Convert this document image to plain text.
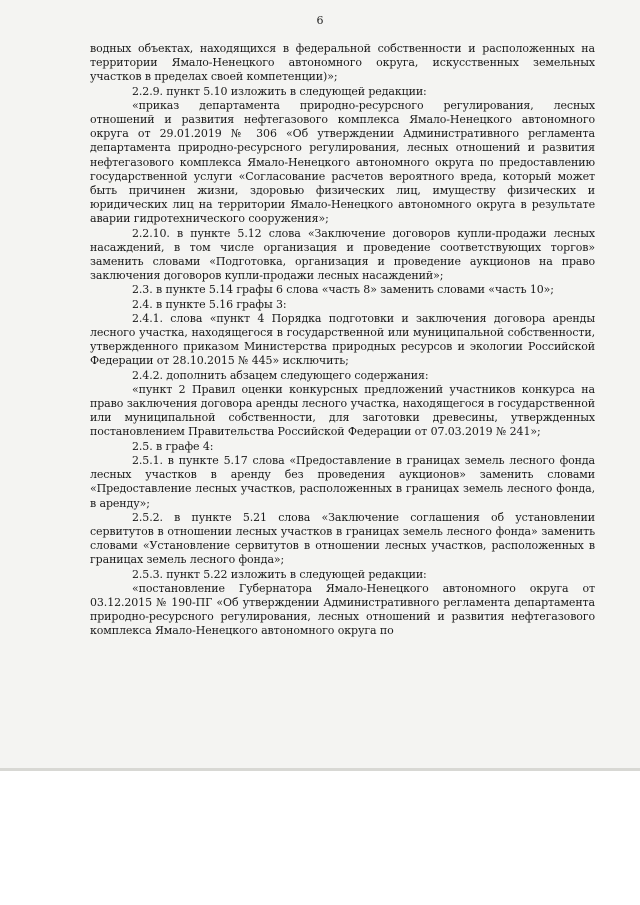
6

водных объектах, находящихся в федеральной собственности и расположенных на территории Ямало-Ненецкого автономного округа, искусственных земельных участков в пределах своей компетенции)»;

2.2.9. пункт 5.10 изложить в следующей редакции:

«приказ департамента природно-ресурсного регулирования, лесных отношений и развития нефтегазового комплекса Ямало-Ненецкого автономного округа от 29.01.2019 № 306 «Об утверждении Административного регламента департамента природно-ресурсного регулирования, лесных отношений и развития нефтегазового комплекса Ямало-Ненецкого автономного округа по предоставлению государственной услуги «Согласование расчетов вероятного вреда, который может быть причинен жизни, здоровью физических лиц, имуществу физических и юридических лиц на территории Ямало-Ненецкого автономного округа в результате аварии гидротехнического сооружения»;

2.2.10. в пункте 5.12 слова «Заключение договоров купли-продажи лесных насаждений, в том числе организация и проведение соответствующих торгов» заменить словами «Подготовка, организация и проведение аукционов на право заключения договоров купли-продажи лесных насаждений»;

2.3. в пункте 5.14 графы 6 слова «часть 8» заменить словами «часть 10»;

2.4. в пункте 5.16 графы 3:

2.4.1. слова «пункт 4 Порядка подготовки и заключения договора аренды лесного участка, находящегося в государственной или муниципальной собственности, утвержденного приказом Министерства природных ресурсов и экологии Российской Федерации от 28.10.2015 № 445» исключить;

2.4.2. дополнить абзацем следующего содержания:

«пункт 2 Правил оценки конкурсных предложений участников конкурса на право заключения договора аренды лесного участка, находящегося в государственной или муниципальной собственности, для заготовки древесины, утвержденных постановлением Правительства Российской Федерации от 07.03.2019 № 241»;

2.5. в графе 4:

2.5.1. в пункте 5.17 слова «Предоставление в границах земель лесного фонда лесных участков в аренду без проведения аукционов» заменить словами «Предоставление лесных участков, расположенных в границах земель лесного фонда, в аренду»;

2.5.2. в пункте 5.21 слова «Заключение соглашения об установлении сервитутов в отношении лесных участков в границах земель лесного фонда» заменить словами «Установление сервитутов в отношении лесных участков, расположенных в границах земель лесного фонда»;

2.5.3. пункт 5.22 изложить в следующей редакции:

«постановление Губернатора Ямало-Ненецкого автономного округа от 03.12.2015 № 190-ПГ «Об утверждении Административного регламента департамента природно-ресурсного регулирования, лесных отношений и развития нефтегазового комплекса Ямало-Ненецкого автономного округа по
